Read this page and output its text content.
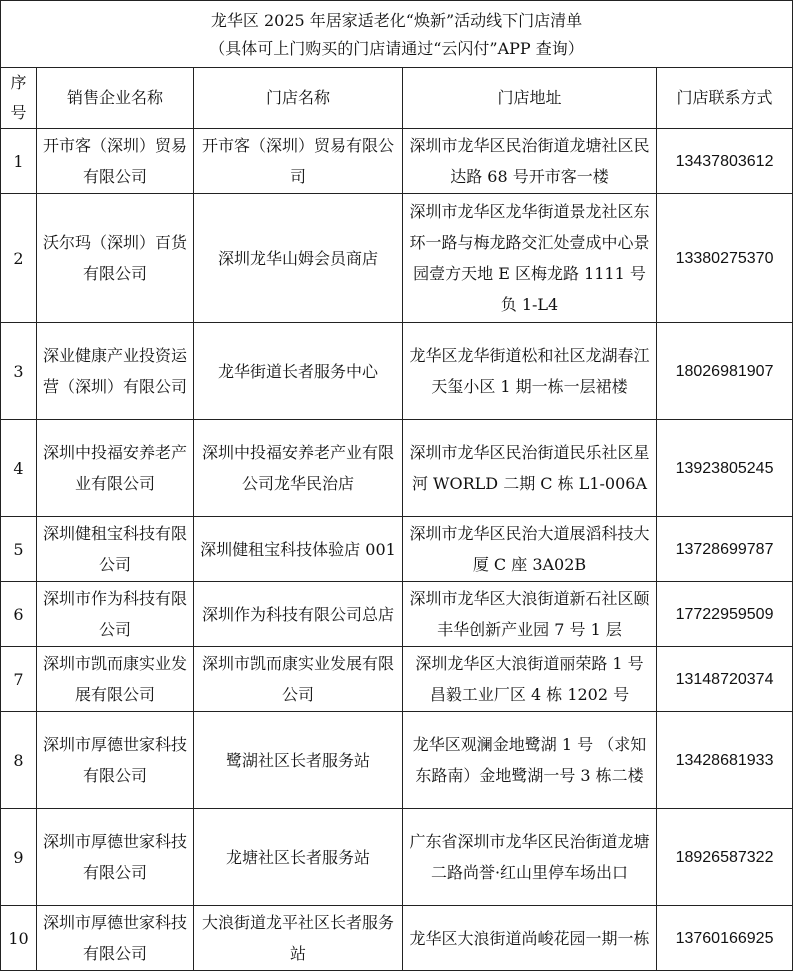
龙华区 2025 年居家适老化“焕新”活动线下门店清单
（具体可上门购买的门店请通过“云闪付”APP 查询）				

序号	销售企业名称	门店名称	门店地址	门店联系方式
1	开市客（深圳）贸易有限公司	开市客（深圳）贸易有限公司	深圳市龙华区民治街道龙塘社区民达路 68 号开市客一楼	13437803612
2	沃尔玛（深圳）百货有限公司	深圳龙华山姆会员商店	深圳市龙华区龙华街道景龙社区东环一路与梅龙路交汇处壹成中心景园壹方天地 E 区梅龙路 1111 号负 1-L4	13380275370
3	深业健康产业投资运营（深圳）有限公司	龙华街道长者服务中心	龙华区龙华街道松和社区龙湖春江天玺小区 1 期一栋一层裙楼	18026981907
4	深圳中投福安养老产业有限公司	深圳中投福安养老产业有限公司龙华民治店	深圳市龙华区民治街道民乐社区星河 WORLD 二期 C 栋 L1-006A	13923805245
5	深圳健租宝科技有限公司	深圳健租宝科技体验店 001	深圳市龙华区民治大道展滔科技大厦 C 座 3A02B	13728699787
6	深圳市作为科技有限公司	深圳作为科技有限公司总店	深圳市龙华区大浪街道新石社区颐丰华创新产业园 7 号 1 层	17722959509
7	深圳市凯而康实业发展有限公司	深圳市凯而康实业发展有限公司	深圳龙华区大浪街道丽荣路 1 号昌毅工业厂区 4 栋 1202 号	13148720374
8	深圳市厚德世家科技有限公司	鹭湖社区长者服务站	龙华区观澜金地鹭湖 1 号 （求知东路南）金地鹭湖一号 3 栋二楼	13428681933
9	深圳市厚德世家科技有限公司	龙塘社区长者服务站	广东省深圳市龙华区民治街道龙塘二路尚誉·红山里停车场出口	18926587322
10	深圳市厚德世家科技有限公司	大浪街道龙平社区长者服务站	龙华区大浪街道尚峻花园一期一栋	13760166925
